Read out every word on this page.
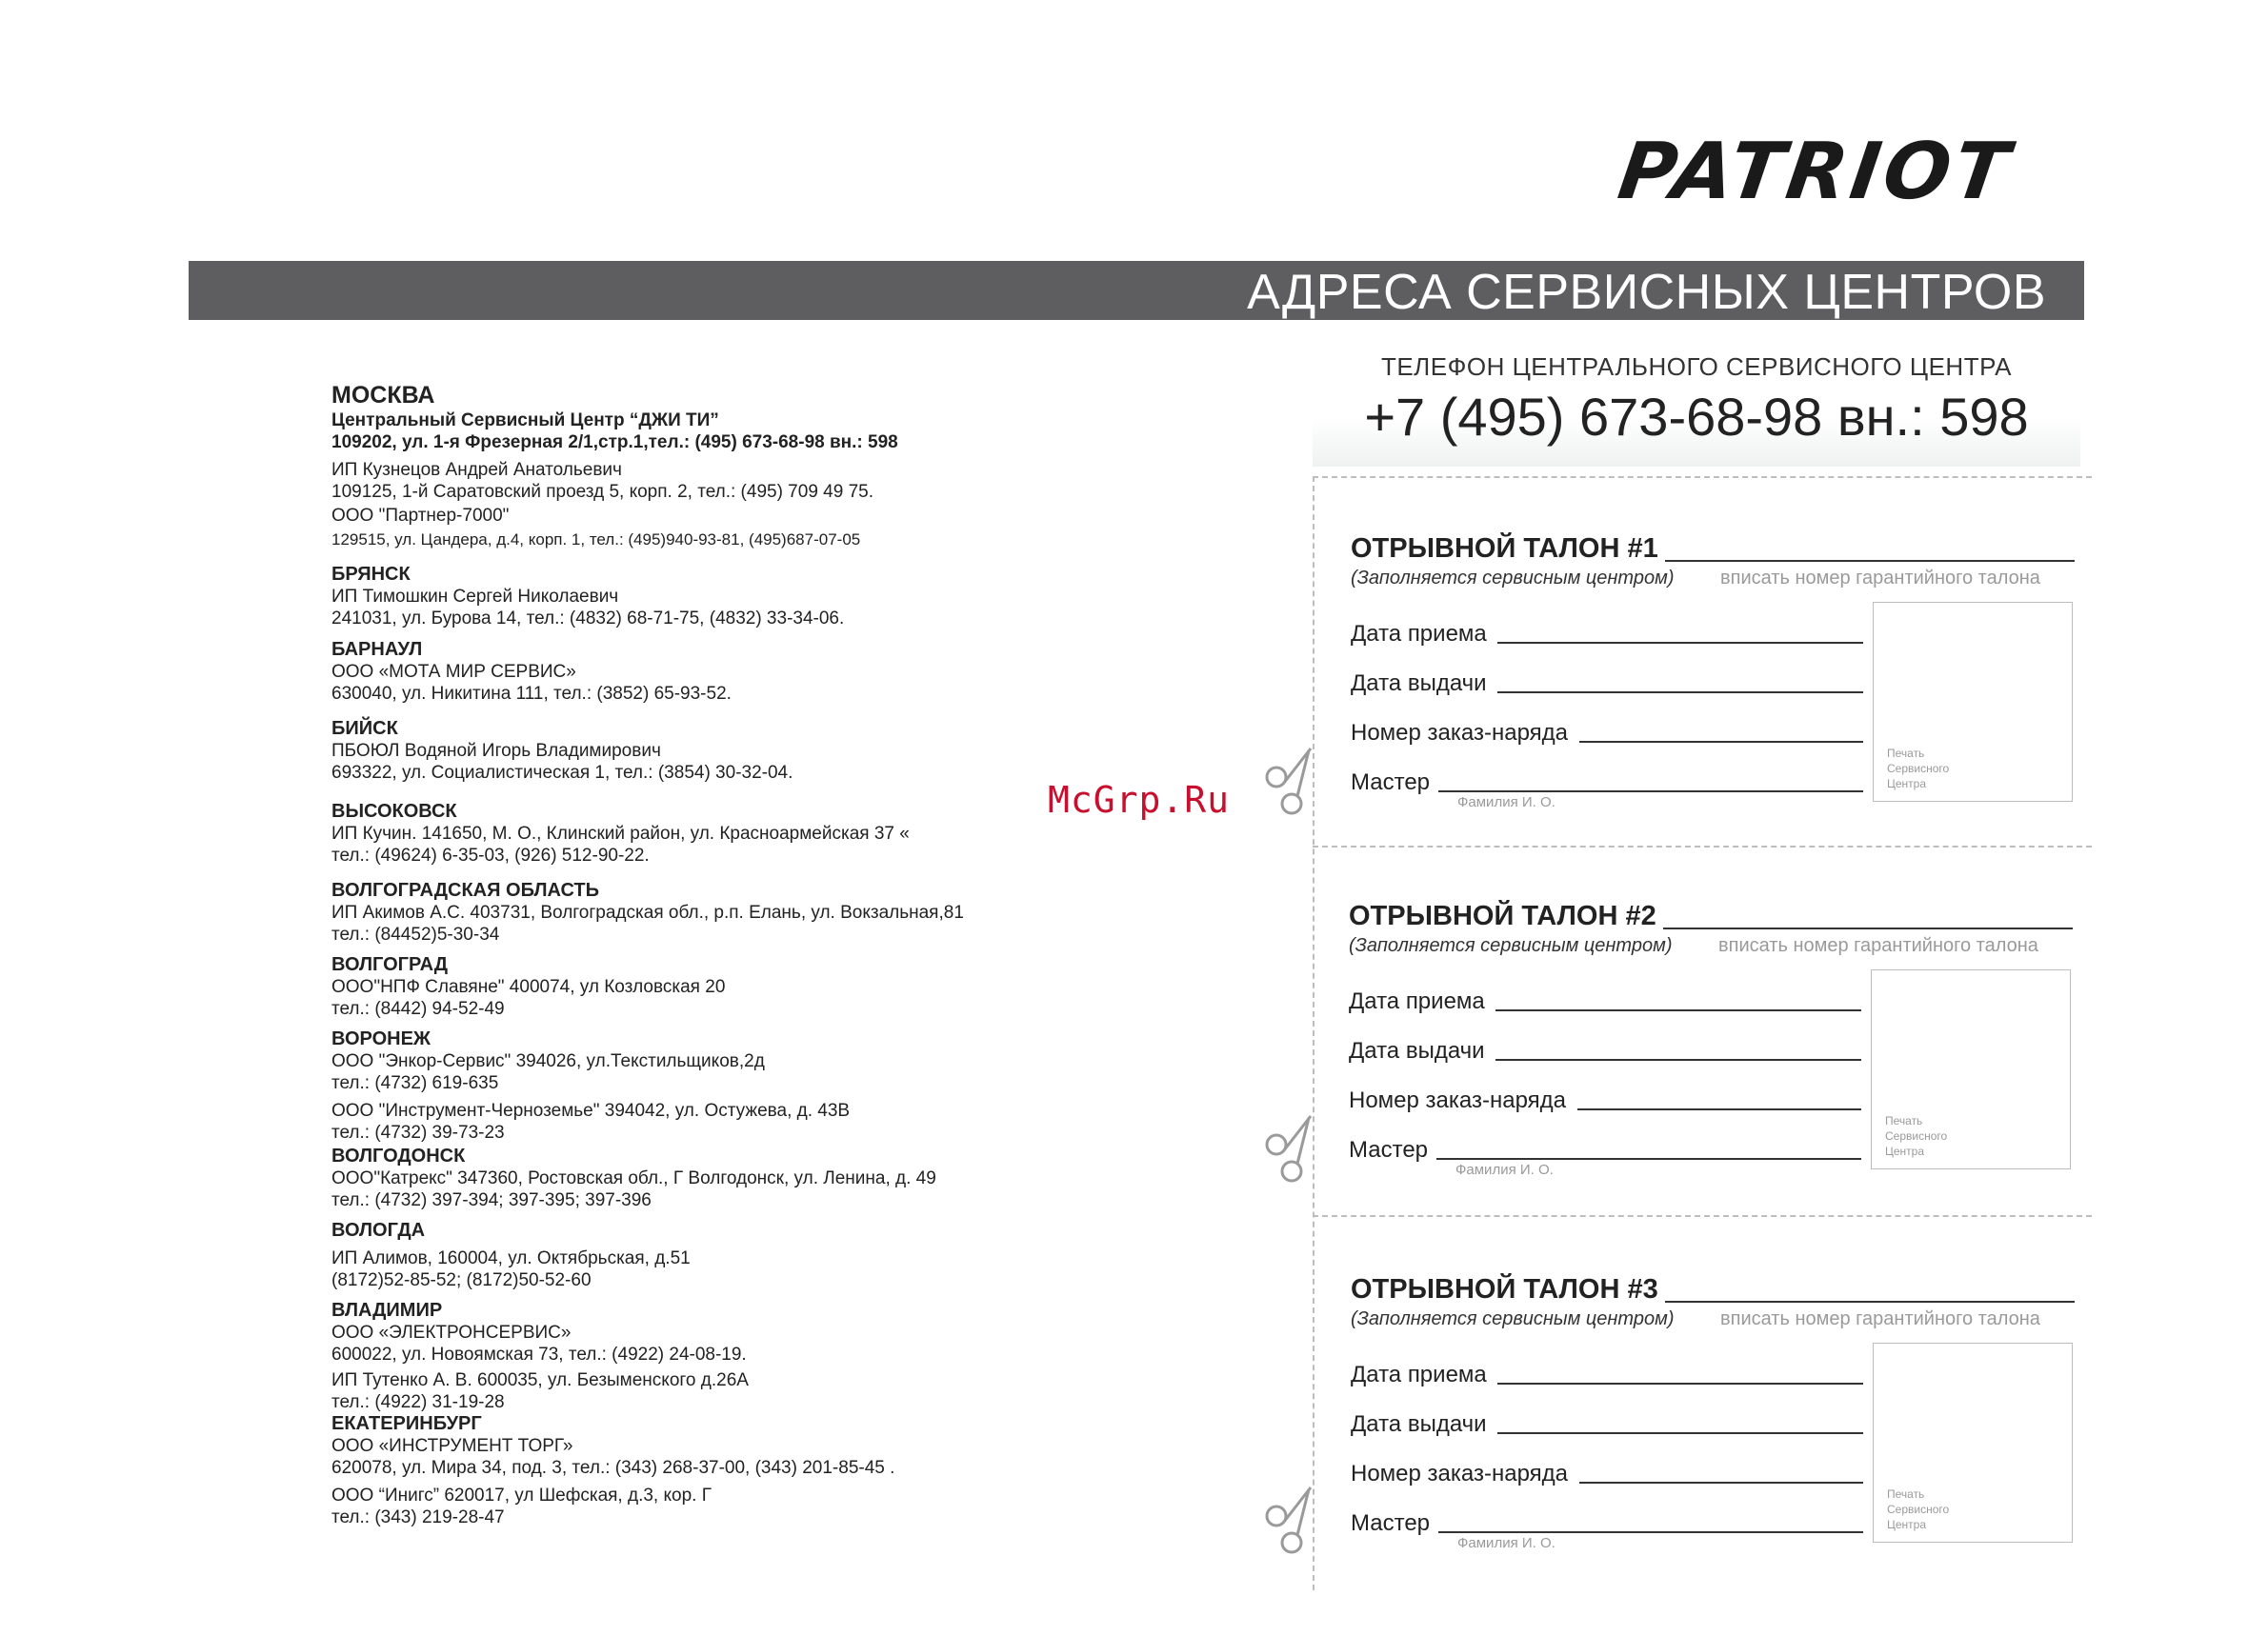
PATRIOT
АДРЕСА СЕРВИСНЫХ ЦЕНТРОВ
ТЕЛЕФОН ЦЕНТРАЛЬНОГО СЕРВИСНОГО ЦЕНТРА
+7 (495) 673-68-98 вн.: 598
МОСКВА
Центральный Сервисный Центр “ДЖИ ТИ”
109202, ул. 1-я Фрезерная 2/1,стр.1,тел.: (495) 673-68-98 вн.: 598
ИП Кузнецов Андрей Анатольевич
109125, 1-й Саратовский проезд 5, корп. 2, тел.: (495) 709 49 75.
ООО "Партнер-7000"
129515, ул. Цандера, д.4, корп. 1, тел.: (495)940-93-81, (495)687-07-05
БРЯНСК
ИП Тимошкин Сергей Николаевич
241031, ул. Бурова 14, тел.: (4832) 68-71-75, (4832) 33-34-06.
БАРНАУЛ
ООО «МОТА МИР СЕРВИС»
630040, ул. Никитина 111, тел.: (3852) 65-93-52.
БИЙСК
ПБОЮЛ Водяной Игорь Владимирович
693322, ул. Социалистическая 1, тел.: (3854) 30-32-04.
ВЫСОКОВСК
ИП Кучин. 141650, М. О., Клинский район, ул. Красноармейская 37 «
тел.: (49624) 6-35-03, (926) 512-90-22.
ВОЛГОГРАДСКАЯ ОБЛАСТЬ
ИП Акимов А.С. 403731, Волгоградская обл., р.п. Елань, ул. Вокзальная,81
тел.: (84452)5-30-34
ВОЛГОГРАД
ООО"НПФ Славяне" 400074, ул Козловская 20
тел.: (8442) 94-52-49
ВОРОНЕЖ
ООО "Энкор-Сервис" 394026, ул.Текстильщиков,2д
тел.: (4732) 619-635
ООО "Инструмент-Черноземье" 394042, ул. Остужева, д. 43В
тел.: (4732) 39-73-23
ВОЛГОДОНСК
ООО"Катрекс" 347360, Ростовская обл., Г Волгодонск, ул. Ленина, д. 49
тел.: (4732) 397-394; 397-395; 397-396
ВОЛОГДА
ИП Алимов, 160004, ул. Октябрьская, д.51
(8172)52-85-52; (8172)50-52-60
ВЛАДИМИР
ООО «ЭЛЕКТРОНСЕРВИС»
600022, ул. Новоямская 73, тел.: (4922) 24-08-19.
ИП Тутенко А. В. 600035, ул. Безыменского д.26А
тел.: (4922) 31-19-28
ЕКАТЕРИНБУРГ
ООО «ИНСТРУМЕНТ ТОРГ»
620078, ул. Мира 34, под. 3, тел.: (343) 268-37-00, (343) 201-85-45 .
ООО “Инигс” 620017, ул Шефская, д.3, кор. Г
тел.: (343) 219-28-47
McGrp.Ru
ОТРЫВНОЙ ТАЛОН #1
(Заполняется сервисным центром) вписать номер гарантийного талона
Дата приема
Дата выдачи
Номер заказ-наряда
Мастер
Фамилия И. О.
Печать
Сервисного
Центра
ОТРЫВНОЙ ТАЛОН #2
(Заполняется сервисным центром) вписать номер гарантийного талона
Дата приема
Дата выдачи
Номер заказ-наряда
Мастер
Фамилия И. О.
Печать
Сервисного
Центра
ОТРЫВНОЙ ТАЛОН #3
(Заполняется сервисным центром) вписать номер гарантийного талона
Дата приема
Дата выдачи
Номер заказ-наряда
Мастер
Фамилия И. О.
Печать
Сервисного
Центра
